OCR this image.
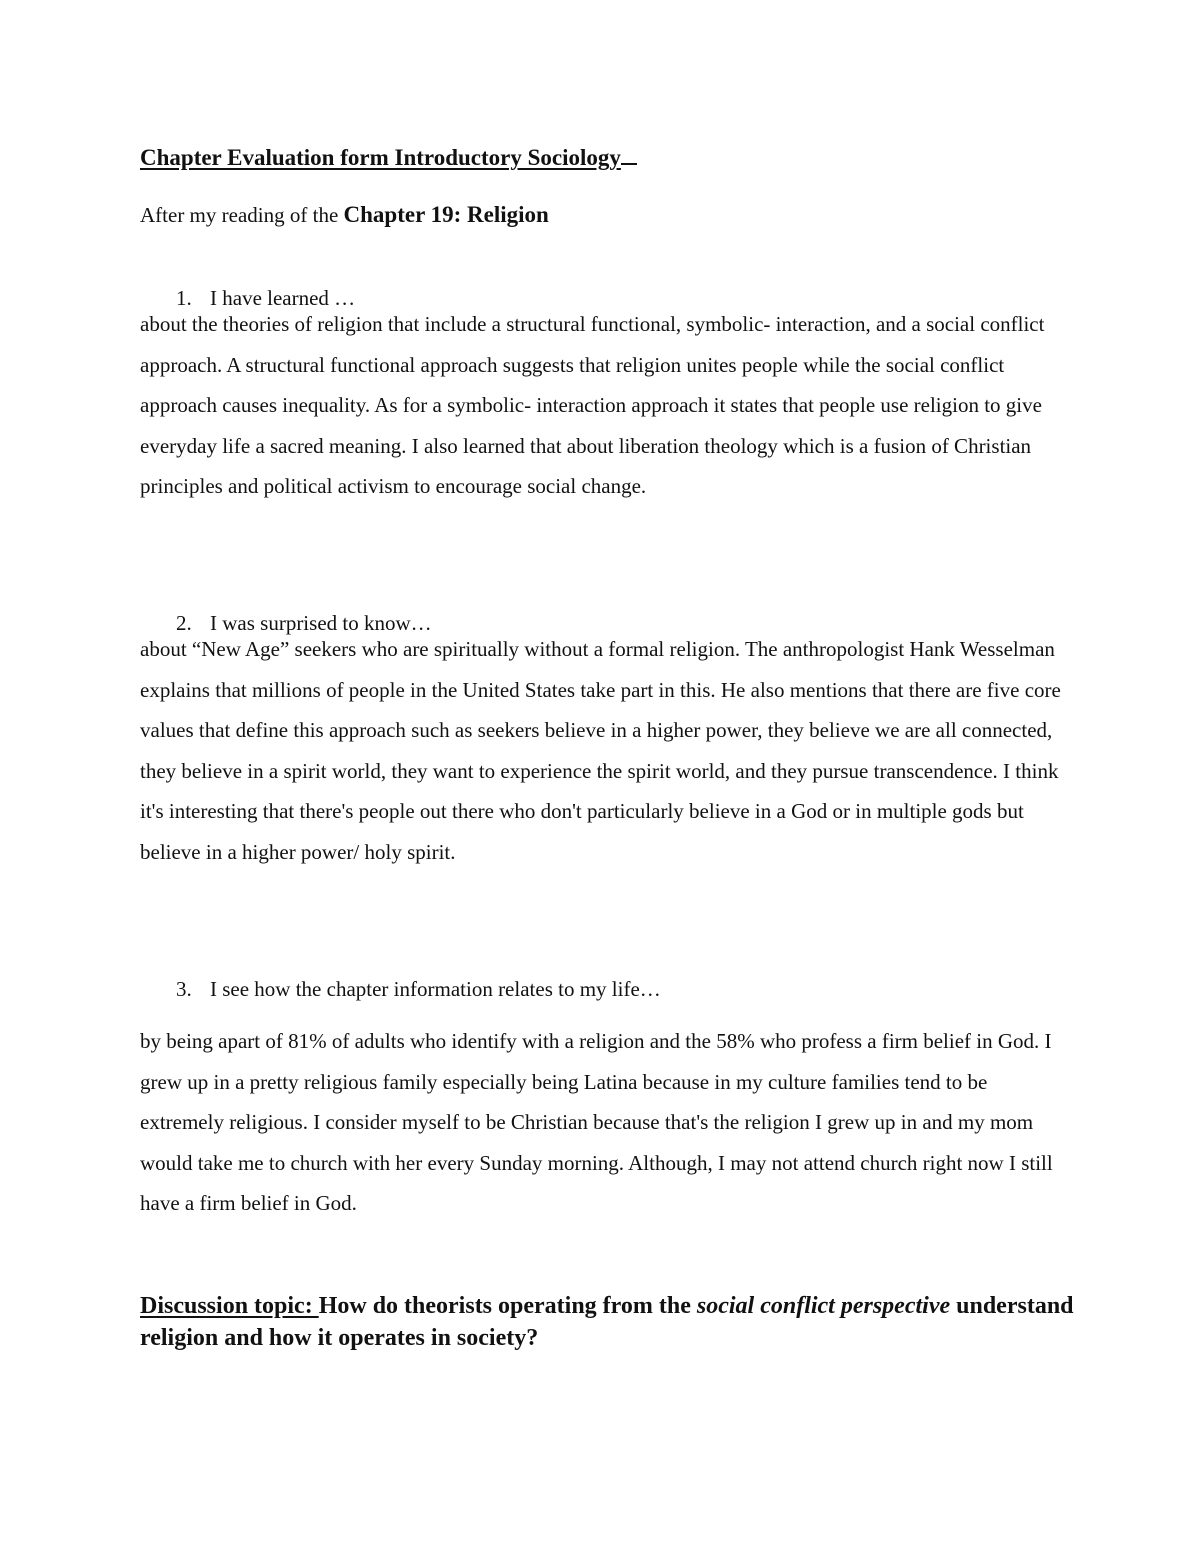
Chapter Evaluation form Introductory Sociology
After my reading of the Chapter 19: Religion
1. I have learned …

about the theories of religion that include a structural functional, symbolic- interaction, and a social conflict approach. A structural functional approach suggests that religion unites people while the social conflict approach causes inequality. As for a symbolic- interaction approach it states that people use religion to give everyday life a sacred meaning. I also learned that about liberation theology which is a fusion of Christian principles and political activism to encourage social change.

2. I was surprised to know…

about “New Age” seekers who are spiritually without a formal religion. The anthropologist Hank Wesselman explains that millions of people in the United States take part in this. He also mentions that there are five core values that define this approach such as seekers believe in a higher power, they believe we are all connected, they believe in a spirit world, they want to experience the spirit world, and they pursue transcendence. I think it's interesting that there's people out there who don't particularly believe in a God or in multiple gods but believe in a higher power/ holy spirit.

3. I see how the chapter information relates to my life…

by being apart of 81% of adults who identify with a religion and the 58% who profess a firm belief in God. I grew up in a pretty religious family especially being Latina because in my culture families tend to be extremely religious. I consider myself to be Christian because that's the religion I grew up in and my mom would take me to church with her every Sunday morning. Although, I may not attend church right now I still have a firm belief in God.

Discussion topic: How do theorists operating from the social conflict perspective understand religion and how it operates in society?
